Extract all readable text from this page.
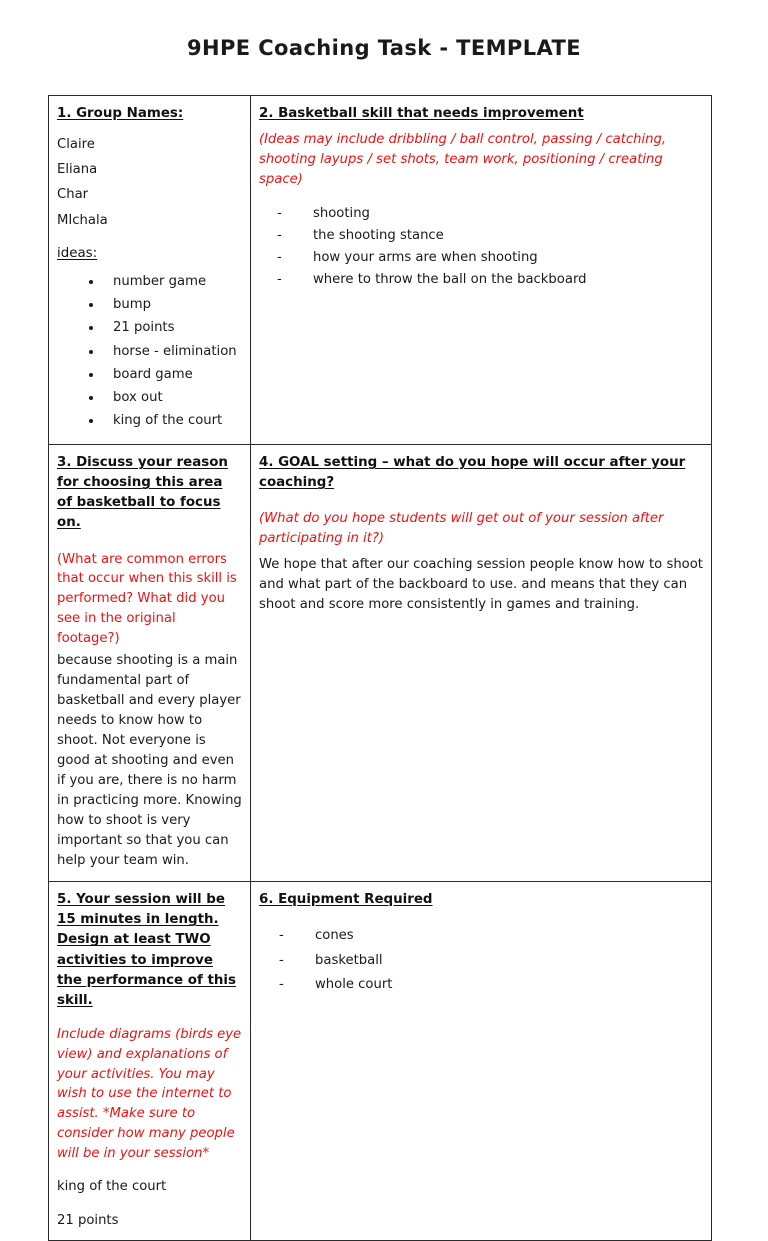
9HPE Coaching Task - TEMPLATE
1. Group Names:

Claire

Eliana

Char

MIchala

ideas:

• number game
• bump
• 21 points
• horse - elimination
• board game
• box out
• king of the court

2. Basketball skill that needs improvement

(Ideas may include dribbling / ball control, passing / catching, shooting layups / set shots, team work, positioning / creating space)

- shooting
- the shooting stance
- how your arms are when shooting
- where to throw the ball on the backboard

3. Discuss your reason for choosing this area of basketball to focus on.

(What are common errors that occur when this skill is performed? What did you see in the original footage?)

because shooting is a main fundamental part of basketball and every player needs to know how to shoot. Not everyone is good at shooting and even if you are, there is no harm in practicing more. Knowing how to shoot is very important so that you can help your team win.

4. GOAL setting – what do you hope will occur after your coaching?

(What do you hope students will get out of your session after participating in it?)

We hope that after our coaching session people know how to shoot and what part of the backboard to use. and means that they can shoot and score more consistently in games and training.

5. Your session will be 15 minutes in length. Design at least TWO activities to improve the performance of this skill.

Include diagrams (birds eye view) and explanations of your activities. You may wish to use the internet to assist. *Make sure to consider how many people will be in your session*

king of the court

21 points

6. Equipment Required
- cones
- basketball
- whole court
